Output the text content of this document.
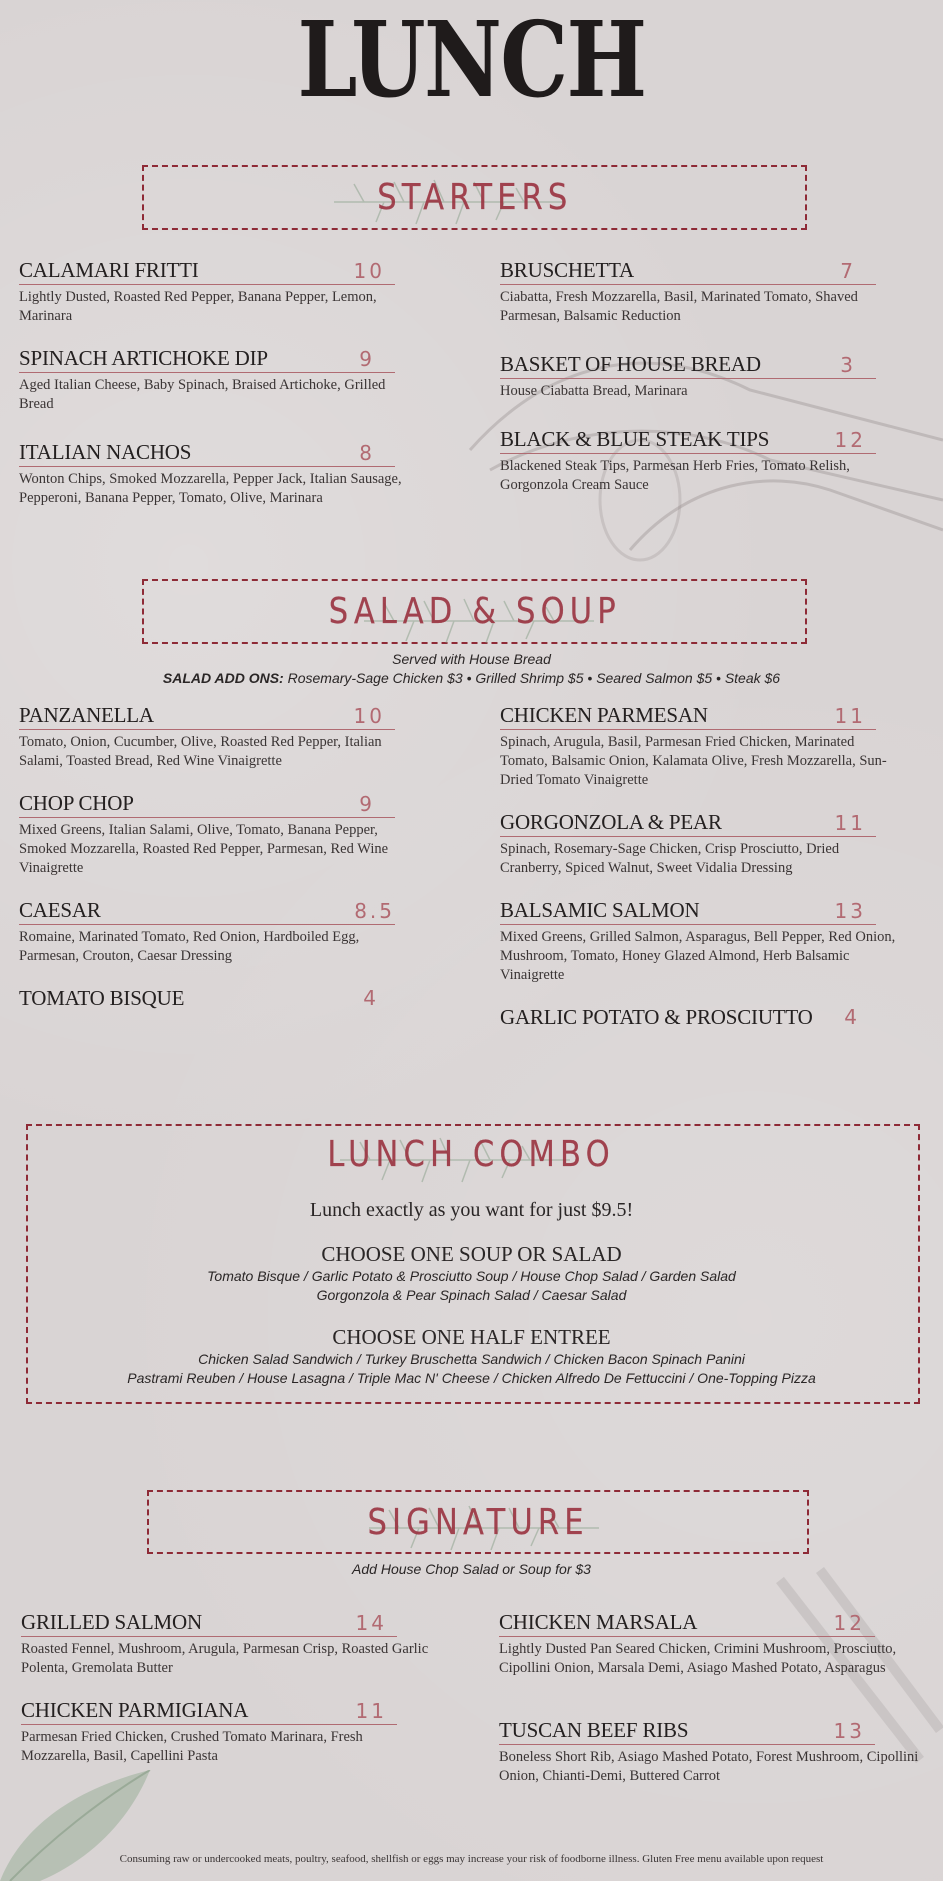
LUNCH
STARTERS
CALAMARI FRITTI	10
Lightly Dusted, Roasted Red Pepper, Banana Pepper, Lemon, Marinara
SPINACH ARTICHOKE DIP	9
Aged Italian Cheese, Baby Spinach, Braised Artichoke, Grilled Bread
ITALIAN NACHOS	8
Wonton Chips, Smoked Mozzarella, Pepper Jack, Italian Sausage, Pepperoni, Banana Pepper, Tomato, Olive, Marinara
BRUSCHETTA	7
Ciabatta, Fresh Mozzarella, Basil, Marinated Tomato, Shaved Parmesan, Balsamic Reduction
BASKET OF HOUSE BREAD	3
House Ciabatta Bread, Marinara
BLACK & BLUE STEAK TIPS	12
Blackened Steak Tips, Parmesan Herb Fries, Tomato Relish, Gorgonzola Cream Sauce
SALAD & SOUP
Served with House Bread
SALAD ADD ONS: Rosemary-Sage Chicken $3 • Grilled Shrimp $5 • Seared Salmon $5 • Steak $6
PANZANELLA	10
Tomato, Onion, Cucumber, Olive, Roasted Red Pepper, Italian Salami, Toasted Bread, Red Wine Vinaigrette
CHOP CHOP	9
Mixed Greens, Italian Salami, Olive, Tomato, Banana Pepper, Smoked Mozzarella, Roasted Red Pepper, Parmesan, Red Wine Vinaigrette
CAESAR	8.5
Romaine, Marinated Tomato, Red Onion, Hardboiled Egg, Parmesan, Crouton, Caesar Dressing
TOMATO BISQUE	4
CHICKEN PARMESAN	11
Spinach, Arugula, Basil, Parmesan Fried Chicken, Marinated Tomato, Balsamic Onion, Kalamata Olive, Fresh Mozzarella, Sun-Dried Tomato Vinaigrette
GORGONZOLA & PEAR	11
Spinach, Rosemary-Sage Chicken, Crisp Prosciutto, Dried Cranberry, Spiced Walnut, Sweet Vidalia Dressing
BALSAMIC SALMON	13
Mixed Greens, Grilled Salmon, Asparagus, Bell Pepper, Red Onion, Mushroom, Tomato, Honey Glazed Almond, Herb Balsamic Vinaigrette
GARLIC POTATO & PROSCIUTTO 4
LUNCH COMBO
Lunch exactly as you want for just $9.5!
CHOOSE ONE SOUP OR SALAD
Tomato Bisque / Garlic Potato & Prosciutto Soup / House Chop Salad / Garden Salad
Gorgonzola & Pear Spinach Salad / Caesar Salad
CHOOSE ONE HALF ENTREE
Chicken Salad Sandwich / Turkey Bruschetta Sandwich / Chicken Bacon Spinach Panini
Pastrami Reuben / House Lasagna / Triple Mac N' Cheese / Chicken Alfredo De Fettuccini / One-Topping Pizza
SIGNATURE
Add House Chop Salad or Soup for $3
GRILLED SALMON	14
Roasted Fennel, Mushroom, Arugula, Parmesan Crisp, Roasted Garlic Polenta, Gremolata Butter
CHICKEN PARMIGIANA	11
Parmesan Fried Chicken, Crushed Tomato Marinara, Fresh Mozzarella, Basil, Capellini Pasta
CHICKEN MARSALA	12
Lightly Dusted Pan Seared Chicken, Crimini Mushroom, Prosciutto, Cipollini Onion, Marsala Demi, Asiago Mashed Potato, Asparagus
TUSCAN BEEF RIBS	13
Boneless Short Rib, Asiago Mashed Potato, Forest Mushroom, Cipollini Onion, Chianti-Demi, Buttered Carrot
Consuming raw or undercooked meats, poultry, seafood, shellfish or eggs may increase your risk of foodborne illness. Gluten Free menu available upon request
